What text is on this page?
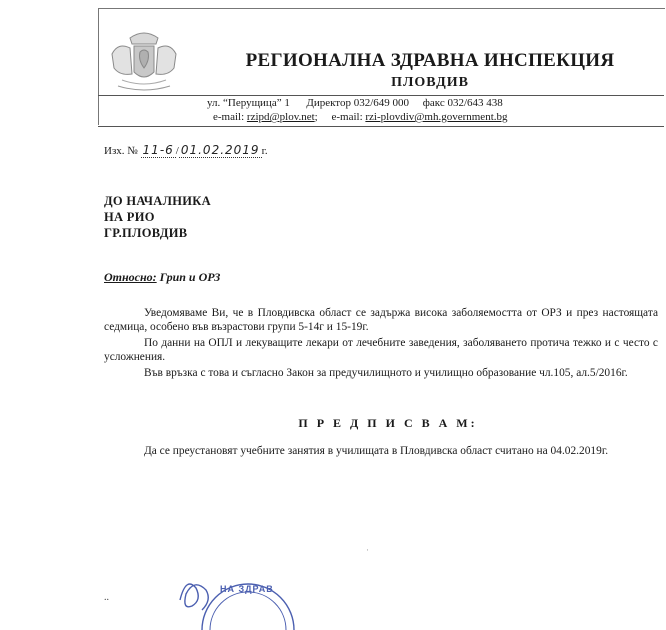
РЕГИОНАЛНА ЗДРАВНА ИНСПЕКЦИЯ
ПЛОВДИВ
ул. “Перущица” 1 Директор 032/649 000 факс 032/643 438
e-mail: rzipd@plov.net;     e-mail: rzi-plovdiv@mh.government.bg
Изх. № 11-6 / 01.02.2019 г.
ДО НАЧАЛНИКА
НА РИО
ГР.ПЛОВДИВ
Относно: Грип и ОРЗ
Уведомяваме Ви, че в Пловдивска област се задържа висока заболяемостта от ОРЗ и през настоящата седмица, особено във възрастови групи 5-14г и 15-19г.
По данни на ОПЛ и лекуващите лекари от лечебните заведения, заболяването протича тежко и с често с усложнения.
Във връзка с това и съгласно Закон за предучилищното и училищно образование чл.105, ал.5/2016г.
П Р Е Д П И С В А М:
Да се преустановят учебните занятия в училищата в Пловдивска област считано на 04.02.2019г.
·
НА ЗДРАВ
..
